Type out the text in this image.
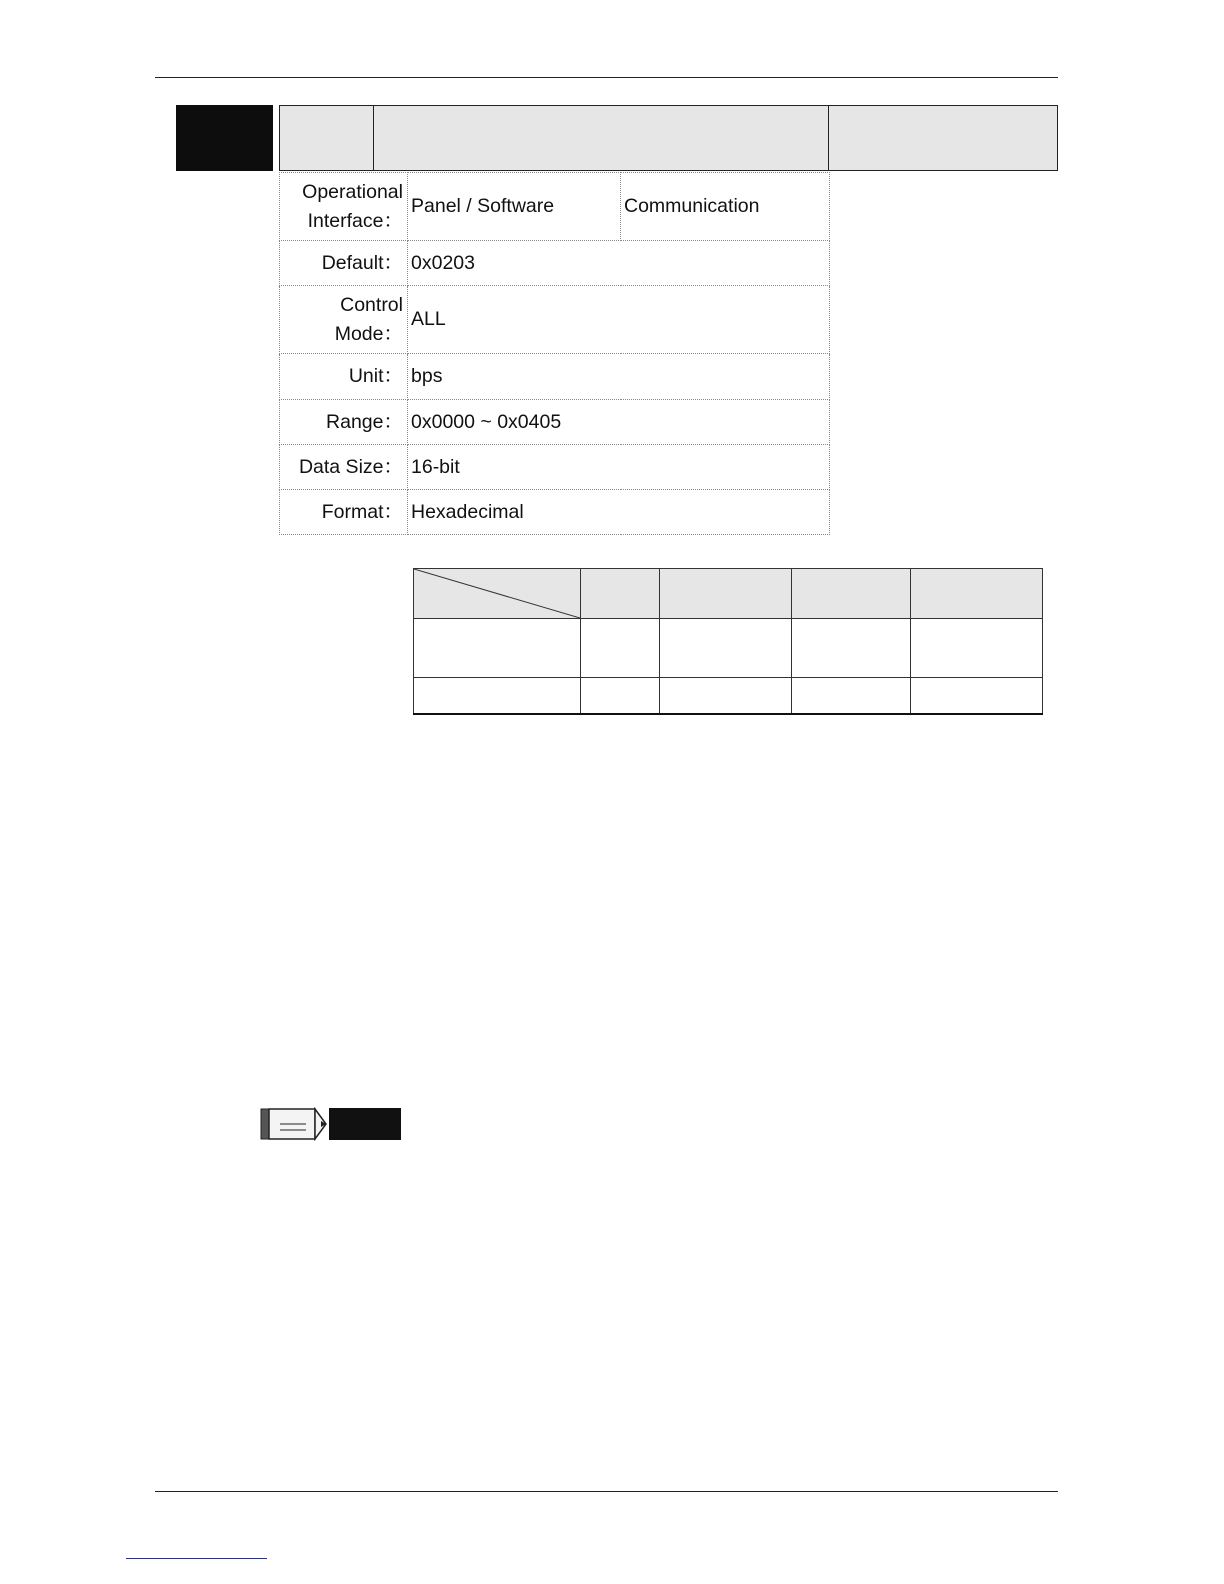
Operational Interface：	Panel / Software	Communication
Default：	0x0203	
Control Mode：	ALL	
Unit：	bps	
Range：	0x0000 ~ 0x0405	
Data Size：	16-bit	
Format：	Hexadecimal	
